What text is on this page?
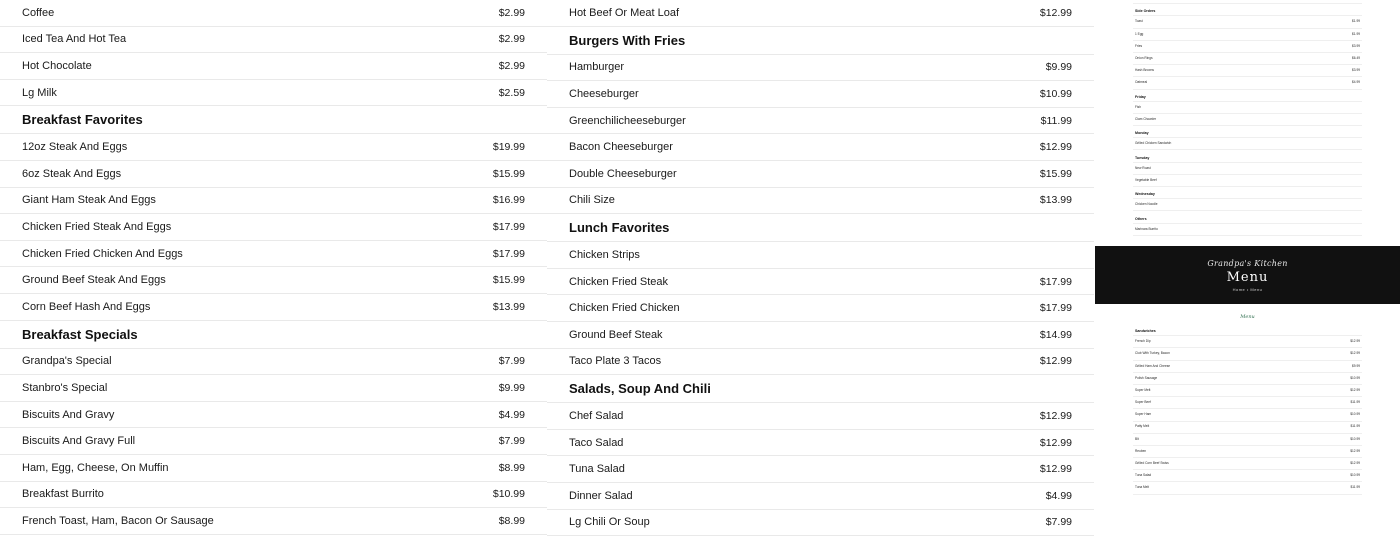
Coffee	$2.99
Iced Tea And Hot Tea	$2.99
Hot Chocolate	$2.99
Lg Milk	$2.59
Breakfast Favorites
12oz Steak And Eggs	$19.99
6oz Steak And Eggs	$15.99
Giant Ham Steak And Eggs	$16.99
Chicken Fried Steak And Eggs	$17.99
Chicken Fried Chicken And Eggs	$17.99
Ground Beef Steak And Eggs	$15.99
Corn Beef Hash And Eggs	$13.99
Breakfast Specials
Grandpa's Special	$7.99
Stanbro's Special	$9.99
Biscuits And Gravy	$4.99
Biscuits And Gravy Full	$7.99
Ham, Egg, Cheese, On Muffin	$8.99
Breakfast Burrito	$10.99
French Toast, Ham, Bacon Or Sausage	$8.99
Hot Beef Or Meat Loaf	$12.99
Burgers With Fries
Hamburger	$9.99
Cheeseburger	$10.99
Greenchilicheeseburger	$11.99
Bacon Cheeseburger	$12.99
Double Cheeseburger	$15.99
Chili Size	$13.99
Lunch Favorites
Chicken Strips
Chicken Fried Steak	$17.99
Chicken Fried Chicken	$17.99
Ground Beef Steak	$14.99
Taco Plate 3 Tacos	$12.99
Salads, Soup And Chili
Chef Salad	$12.99
Taco Salad	$12.99
Tuna Salad	$12.99
Dinner Salad	$4.99
Lg Chili Or Soup	$7.99
Side Orders
Toast	$1.99
1 Egg	$1.99
Fries	$3.99
Onion Rings	$6.49
Hash Browns	$3.99
Oatmeal	$4.99
Friday
Fish
Clam Chowder
Monday
Grilled Chicken Sandwich
Tuesday
New Roast
Vegetable Beef
Wednesday
Chicken Noodle
Others
Marinara Burrito
Grandpa's Kitchen
Menu
Home • Menu
Menu
Sandwiches
French Dip	$12.99
Club With Turkey, Bacon	$12.99
Grilled Ham And Cheese	$9.99
Polish Sausage	$10.99
Super Melt	$12.99
Super Beef	$11.99
Super Ham	$10.99
Patty Melt	$11.99
Blt	$10.99
Reuben	$12.99
Grilled Corn Beef Swiss	$12.99
Tuna Salad	$10.99
Tuna Melt	$11.99
